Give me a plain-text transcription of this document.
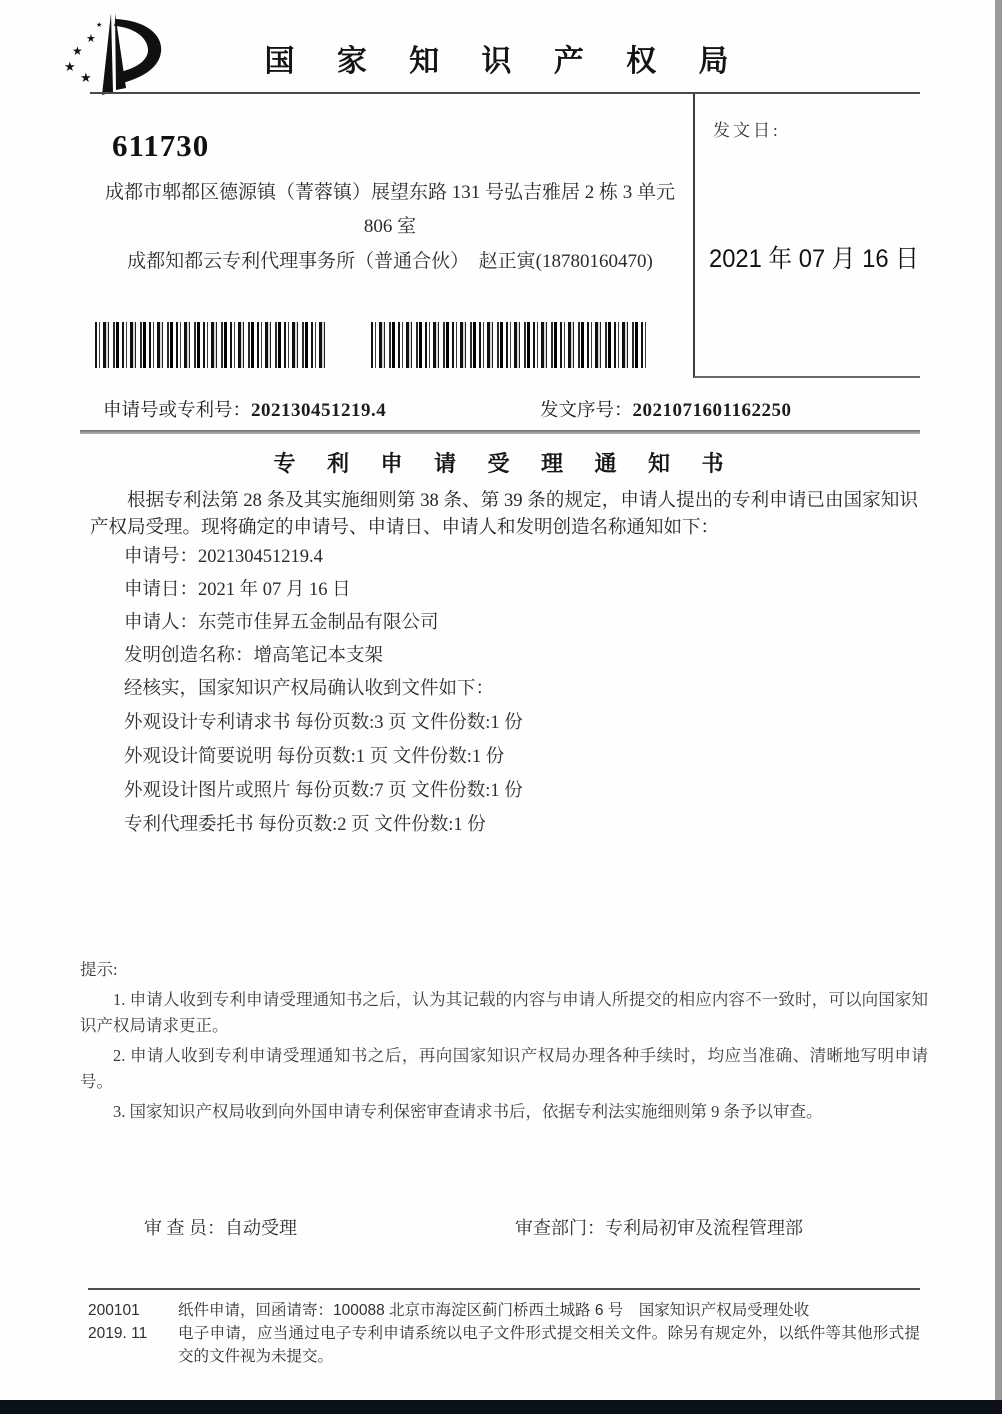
★
★
★
★
★	国 家 知 识 产 权 局
发文日:
2021 年 07 月 16 日
611730
成都市郫都区德源镇（菁蓉镇）展望东路 131 号弘吉雅居 2 栋 3 单元
806 室
成都知都云专利代理事务所（普通合伙）　赵正寅(18780160470)
申请号或专利号：202130451219.4	发文序号：2021071601162250
专 利 申 请 受 理 通 知 书
根据专利法第 28 条及其实施细则第 38 条、第 39 条的规定，申请人提出的专利申请已由国家知识产权局受理。现将确定的申请号、申请日、申请人和发明创造名称通知如下：
申请号：202130451219.4
申请日：2021 年 07 月 16 日
申请人：东莞市佳昇五金制品有限公司
发明创造名称：增高笔记本支架
经核实，国家知识产权局确认收到文件如下：
外观设计专利请求书 每份页数:3 页 文件份数:1 份
外观设计简要说明 每份页数:1 页 文件份数:1 份
外观设计图片或照片 每份页数:7 页 文件份数:1 份
专利代理委托书 每份页数:2 页 文件份数:1 份
提示:

1. 申请人收到专利申请受理通知书之后，认为其记载的内容与申请人所提交的相应内容不一致时，可以向国家知识产权局请求更正。

2. 申请人收到专利申请受理通知书之后，再向国家知识产权局办理各种手续时，均应当准确、清晰地写明申请号。

3. 国家知识产权局收到向外国申请专利保密审查请求书后，依据专利法实施细则第 9 条予以审查。

审 查 员：自动受理	审查部门：专利局初审及流程管理部
200101
2019. 11
纸件申请，回函请寄：100088 北京市海淀区蓟门桥西土城路 6 号　国家知识产权局受理处收
电子申请，应当通过电子专利申请系统以电子文件形式提交相关文件。除另有规定外，以纸件等其他形式提交的文件视为未提交。
